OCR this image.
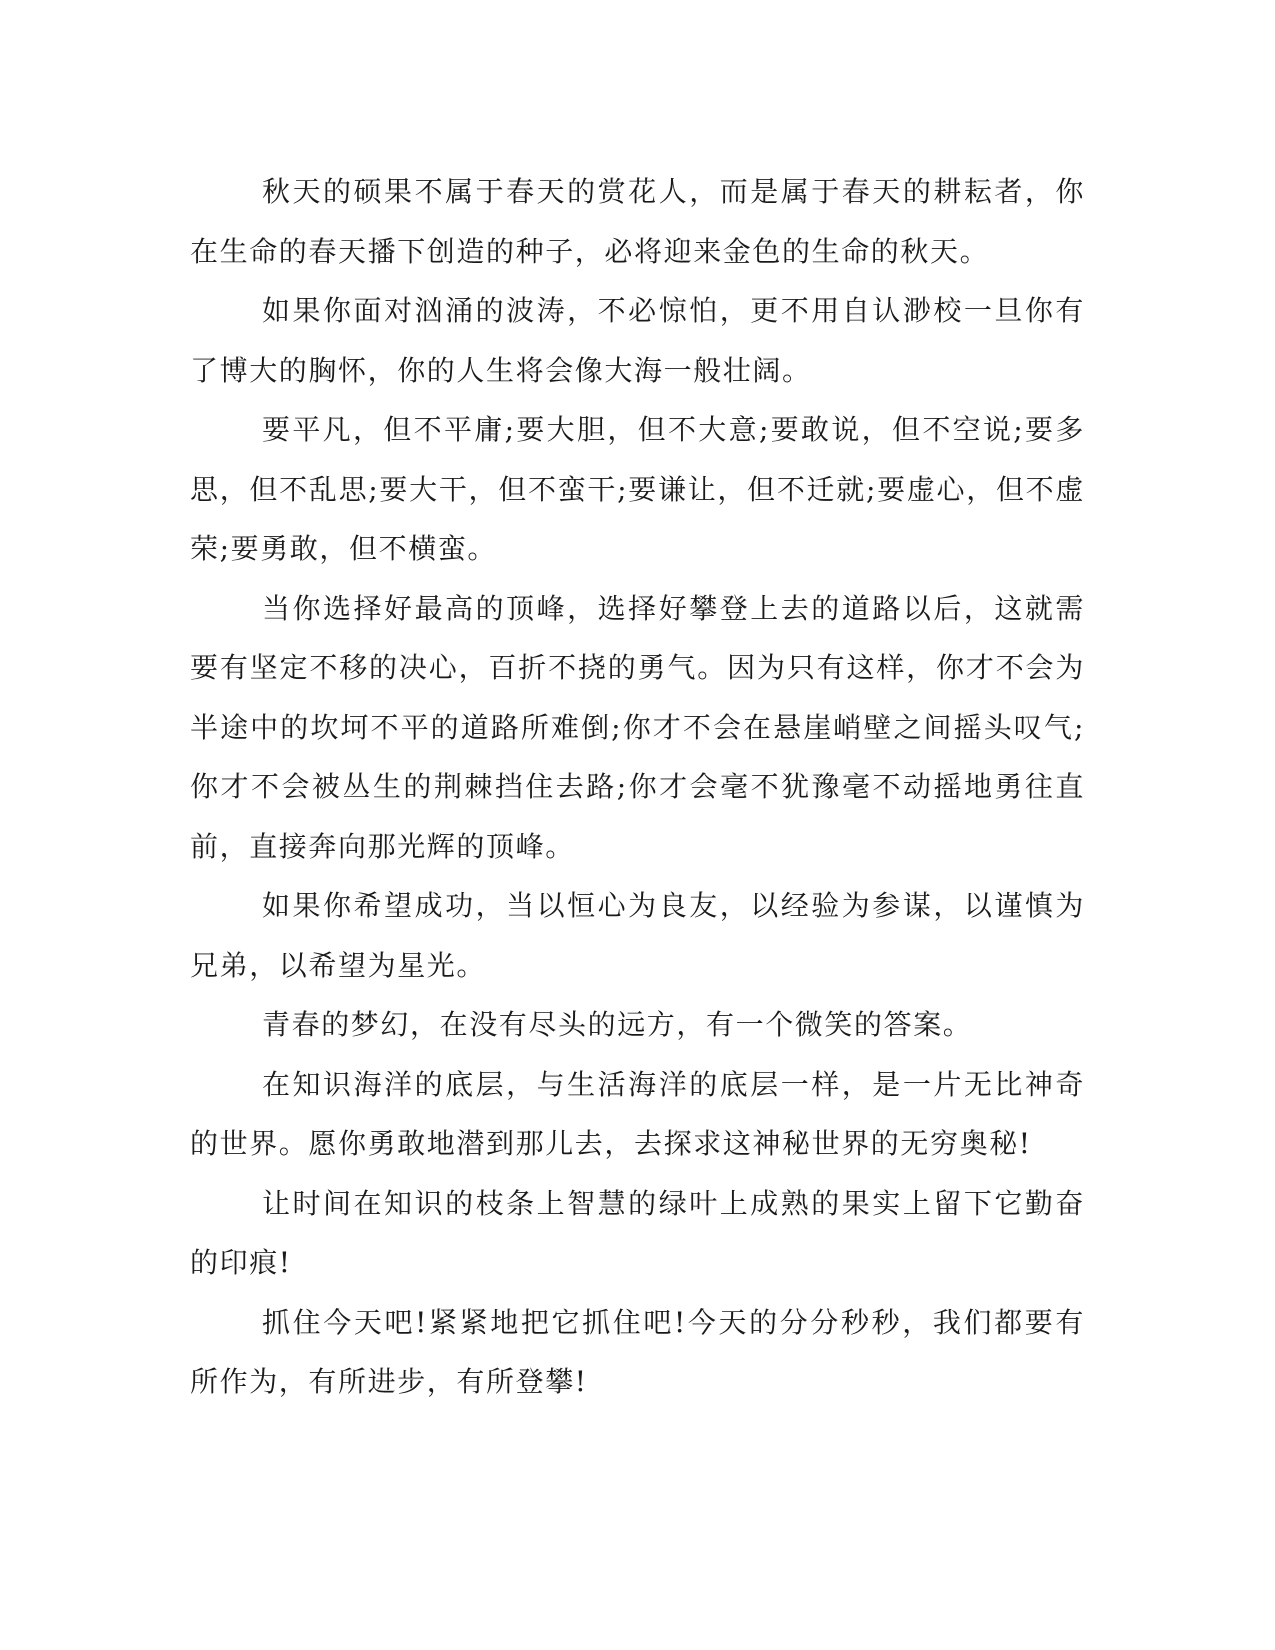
秋天的硕果不属于春天的赏花人，而是属于春天的耕耘者，你在生命的春天播下创造的种子，必将迎来金色的生命的秋天。

如果你面对汹涌的波涛，不必惊怕，更不用自认渺校一旦你有了博大的胸怀，你的人生将会像大海一般壮阔。

要平凡，但不平庸;要大胆，但不大意;要敢说，但不空说;要多思，但不乱思;要大干，但不蛮干;要谦让，但不迁就;要虚心，但不虚荣;要勇敢，但不横蛮。

当你选择好最高的顶峰，选择好攀登上去的道路以后，这就需要有坚定不移的决心，百折不挠的勇气。因为只有这样，你才不会为半途中的坎坷不平的道路所难倒;你才不会在悬崖峭壁之间摇头叹气;你才不会被丛生的荆棘挡住去路;你才会毫不犹豫毫不动摇地勇往直前，直接奔向那光辉的顶峰。

如果你希望成功，当以恒心为良友，以经验为参谋，以谨慎为兄弟，以希望为星光。

青春的梦幻，在没有尽头的远方，有一个微笑的答案。

在知识海洋的底层，与生活海洋的底层一样，是一片无比神奇的世界。愿你勇敢地潜到那儿去，去探求这神秘世界的无穷奥秘!

让时间在知识的枝条上智慧的绿叶上成熟的果实上留下它勤奋的印痕!

抓住今天吧!紧紧地把它抓住吧!今天的分分秒秒，我们都要有所作为，有所进步，有所登攀!
